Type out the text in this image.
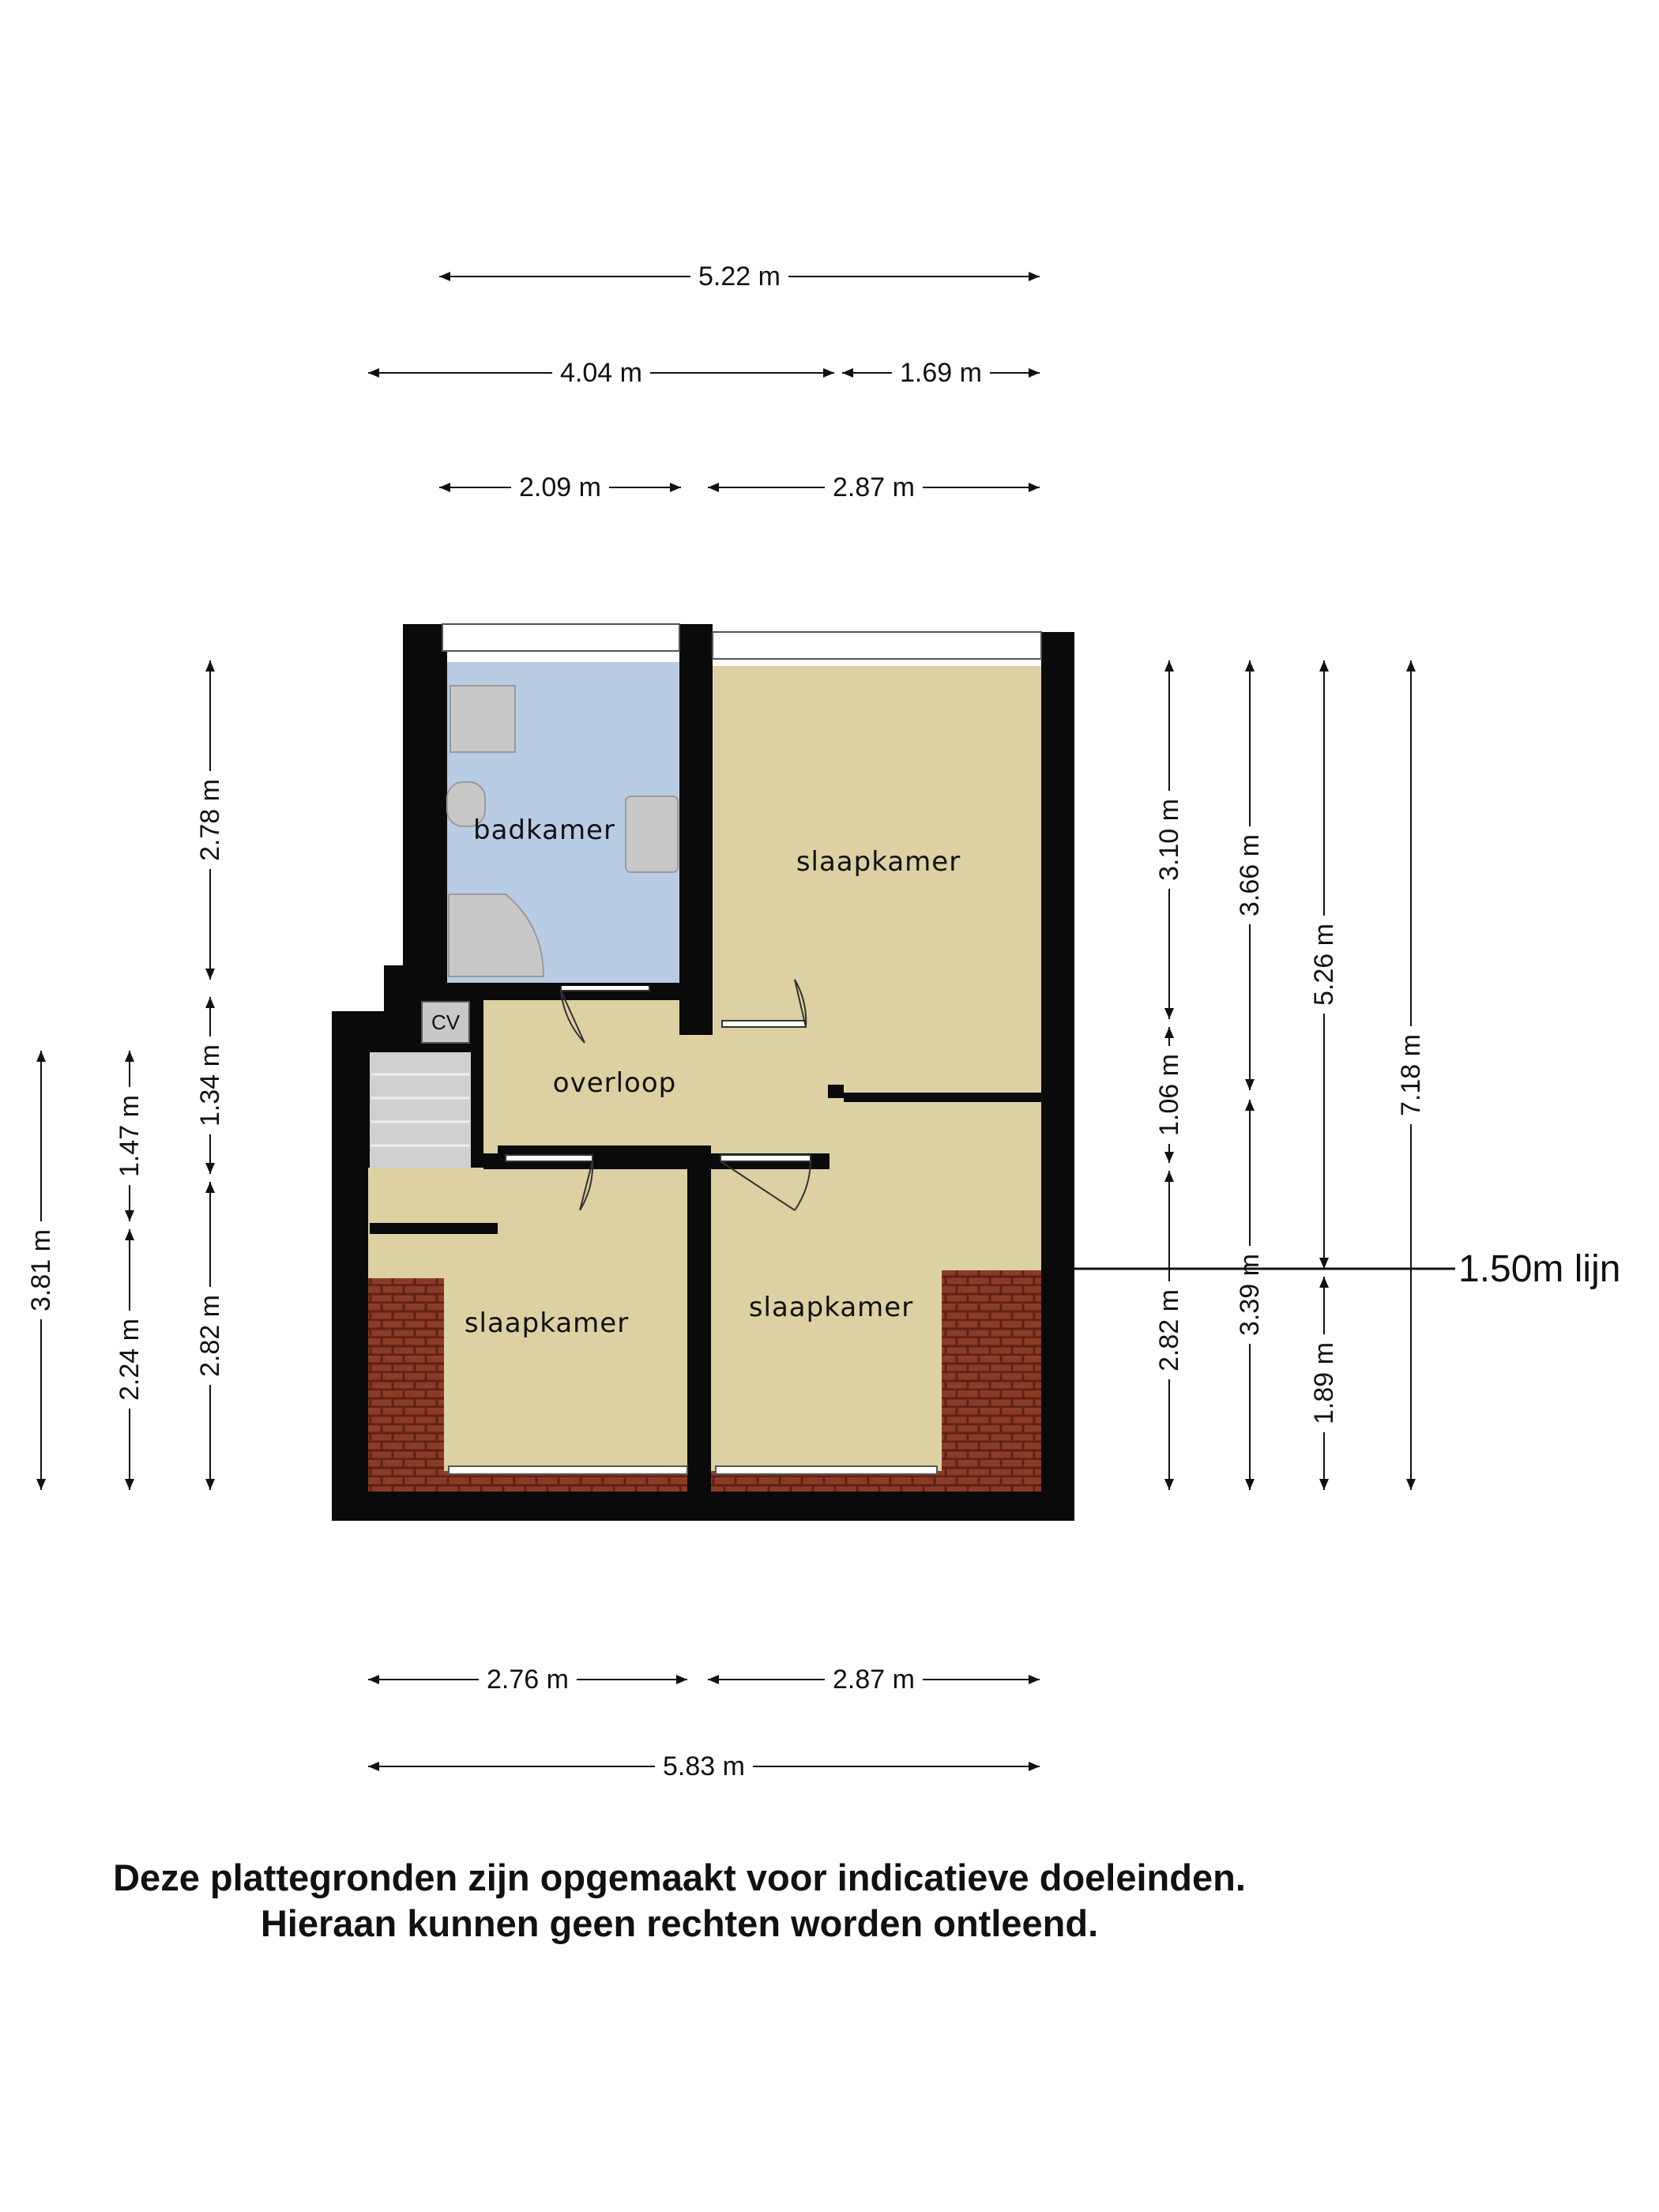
CV
badkamer
slaapkamer
overloop
slaapkamer	slaapkamer
1.50m lijn
5.22 m
4.04 m	1.69 m
2.09 m	2.87 m
2.76 m	2.87 m
5.83 m
3.81 m
1.47 m
2.24 m
2.78 m
1.34 m
2.82 m
3.10 m
1.06 m
2.82 m
3.66 m
3.39 m
5.26 m
1.89 m
7.18 m
Deze plattegronden zijn opgemaakt voor indicatieve doeleinden.
Hieraan kunnen geen rechten worden ontleend.
